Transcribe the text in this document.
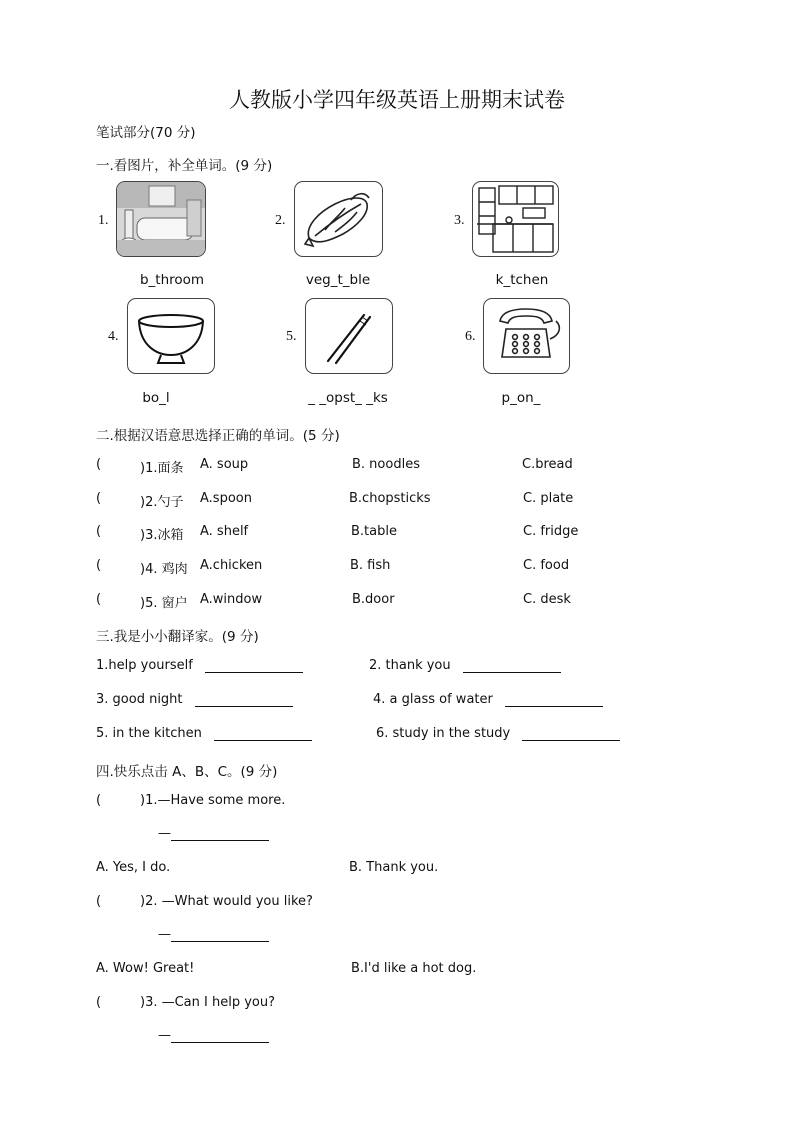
人教版小学四年级英语上册期末试卷
笔试部分(70 分)
一.看图片，补全单词。(9 分)
1.	2.	3.
b_throom	veg_t_ble	k_tchen
4.	5.	6.
bo_l	_ _opst_ _ks	p_on_
二.根据汉语意思选择正确的单词。(5 分)
(	)1.面条 A. soup	B. noodles	C.bread
(	)2.勺子 A.spoon	B.chopsticks	C. plate
(	)3.冰箱 A. shelf	B.table	C. fridge
(	)4. 鸡肉 A.chicken	B. fish	C. food
(	)5. 窗户 A.window	B.door	C. desk
三.我是小小翻译家。(9 分)
1.help yourself	2. thank you
3. good night	4. a glass of water
5. in the kitchen	6. study in the study
四.快乐点击 A、B、C。(9 分)
(	)1.—Have some more.
—
A. Yes, I do.	B. Thank you.
(	)2. —What would you like?
—
A. Wow! Great!	B.I'd like a hot dog.
(	)3. —Can I help you?
—
